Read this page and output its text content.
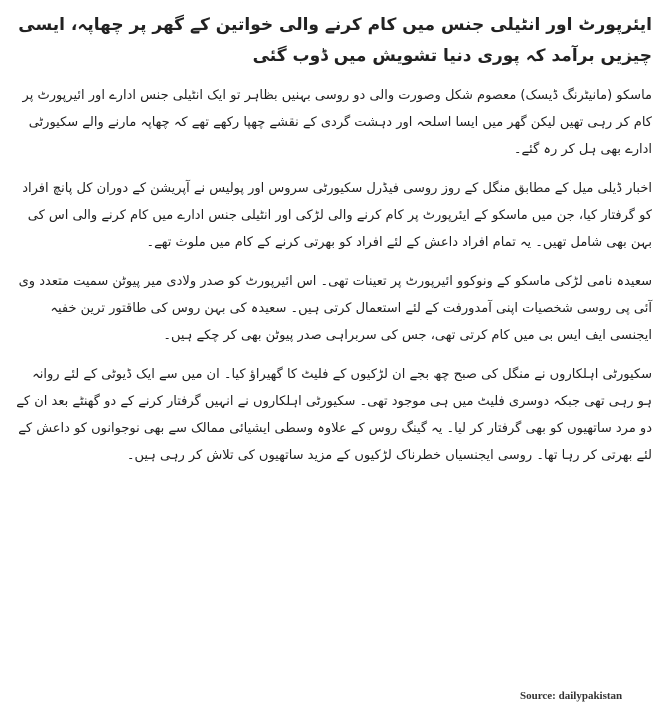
ایئرپورٹ اور انٹیلی جنس میں کام کرنے والی خواتین کے گھر پر چھاپہ، ایسی چیزیں برآمد کہ پوری دنیا تشویش میں ڈوب گئی

ماسکو (مانیٹرنگ ڈیسک) معصوم شکل وصورت والی دو روسی بہنیں بظاہر تو ایک انٹیلی جنس ادارے اور ائیرپورٹ پر کام کر رہی تھیں لیکن گھر میں ایسا اسلحہ اور دہشت گردی کے نقشے چھپا رکھے تھے کہ چھاپہ مارنے والے سکیورٹی ادارے بھی ہل کر رہ گئے۔

اخبار ڈیلی میل کے مطابق منگل کے روز روسی فیڈرل سکیورٹی سروس اور پولیس نے آپریشن کے دوران کل پانچ افراد کو گرفتار کیا، جن میں ماسکو کے ایئرپورٹ پر کام کرنے والی لڑکی اور انٹیلی جنس ادارے میں کام کرنے والی اس کی بہن بھی شامل تھیں۔ یہ تمام افراد داعش کے لئے افراد کو بھرتی کرنے کے کام میں ملوث تھے۔

سعیدہ نامی لڑکی ماسکو کے ونوکوو ائیرپورٹ پر تعینات تھی۔ اس ائیرپورٹ کو صدر ولادی میر پیوٹن سمیت متعدد وی آئی پی روسی شخصیات اپنی آمدورفت کے لئے استعمال کرتی ہیں۔ سعیدہ کی بہن روس کی طاقتور ترین خفیہ ایجنسی ایف ایس بی میں کام کرتی تھی، جس کی سربراہی صدر پیوٹن بھی کر چکے ہیں۔

سکیورٹی اہلکاروں نے منگل کی صبح چھ بجے ان لڑکیوں کے فلیٹ کا گھیراﺅ کیا۔ ان میں سے ایک ڈیوٹی کے لئے روانہ ہو رہی تھی جبکہ دوسری فلیٹ میں ہی موجود تھی۔ سکیورٹی اہلکاروں نے انہیں گرفتار کرنے کے دو گھنٹے بعد ان کے دو مرد ساتھیوں کو بھی گرفتار کر لیا۔ یہ گینگ روس کے علاوہ وسطی ایشیائی ممالک سے بھی نوجوانوں کو داعش کے لئے بھرتی کر رہا تھا۔ روسی ایجنسیاں خطرناک لڑکیوں کے مزید ساتھیوں کی تلاش کر رہی ہیں۔

Source: dailypakistan
